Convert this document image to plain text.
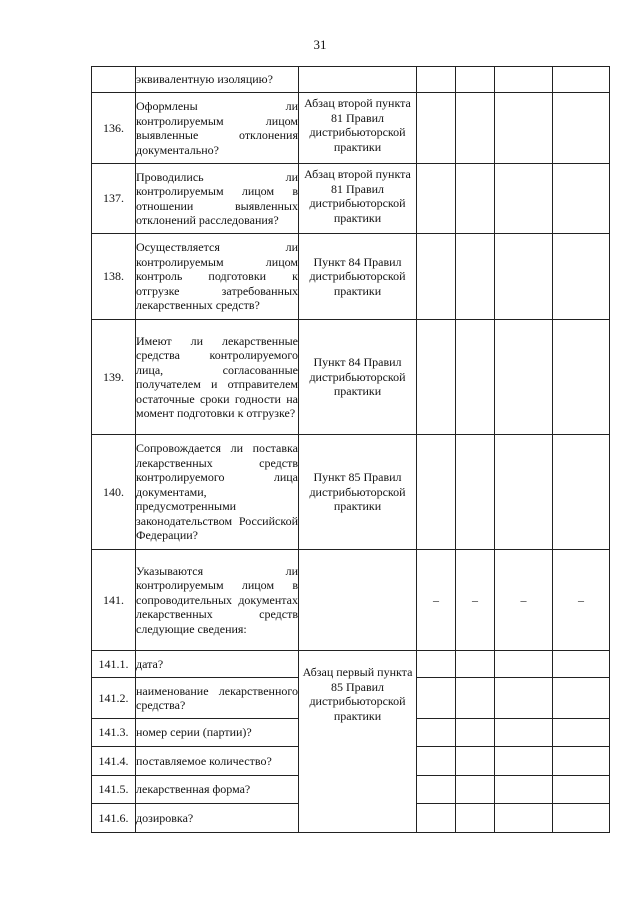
31
	эквивалентную изоляцию?					
136.	Оформлены ли контролируемым лицом выявленные отклонения документально?	Абзац второй пункта 81 Правил дистрибьюторской практики				
137.	Проводились ли контролируемым лицом в отношении выявленных отклонений расследования?	Абзац второй пункта 81 Правил дистрибьюторской практики				
138.	Осуществляется ли контролируемым лицом контроль подготовки к отгрузке затребованных лекарственных средств?	Пункт 84 Правил дистрибьюторской практики				
139.	Имеют ли лекарственные средства контролируемого лица, согласованные получателем и отправителем остаточные сроки годности на момент подготовки к отгрузке?	Пункт 84 Правил дистрибьюторской практики				
140.	Сопровождается ли поставка лекарственных средств контролируемого лица документами, предусмотренными законодательством Российской Федерации?	Пункт 85 Правил дистрибьюторской практики				
141.	Указываются ли контролируемым лицом в сопроводительных документах лекарственных средств следующие сведения:		–	–	–	–
141.1.	дата?	Абзац первый пункта 85 Правил дистрибьюторской практики				
141.2.	наименование лекарственного средства?					
141.3.	номер серии (партии)?					
141.4.	поставляемое количество?					
141.5.	лекарственная форма?					
141.6.	дозировка?					
